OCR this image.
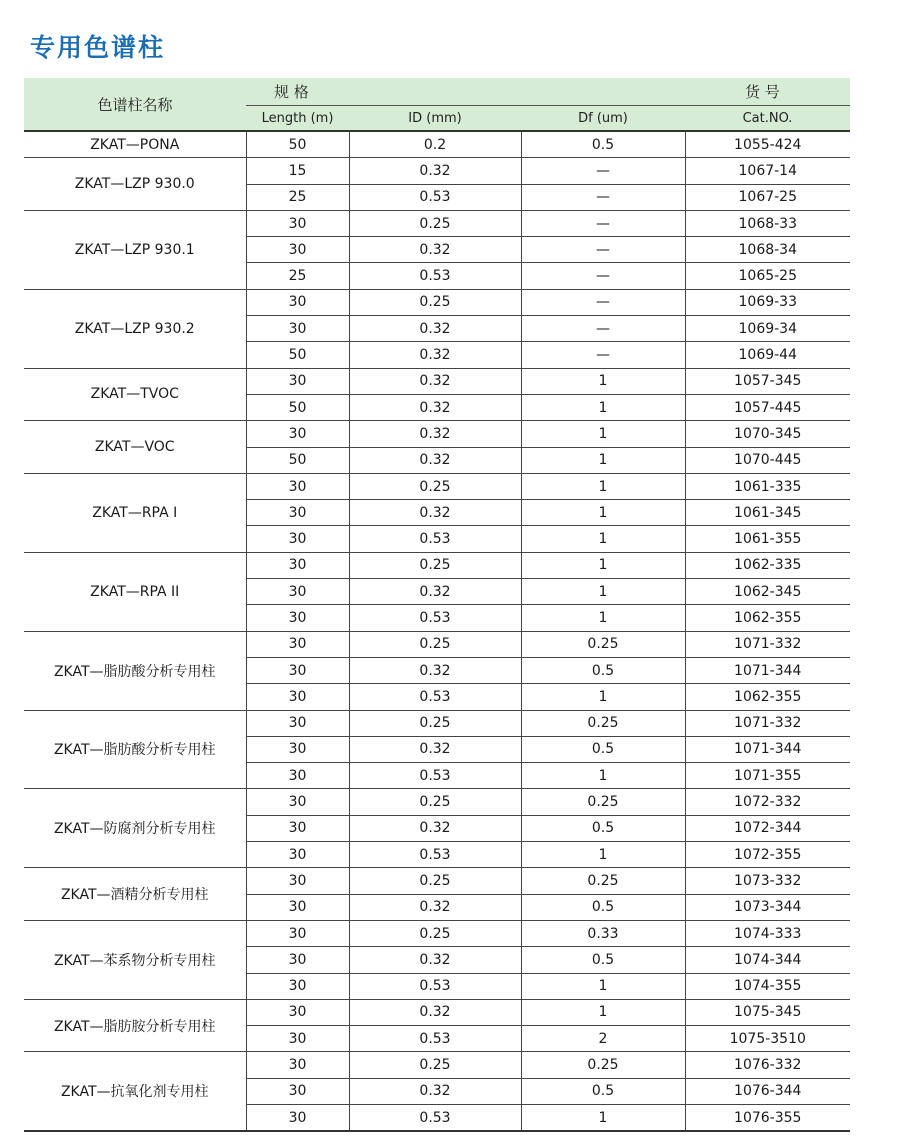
专用色谱柱
色谱柱名称	规 格			货 号
	Length (m)	ID (mm)	Df (um)	Cat.NO.
ZKAT—PONA	50	0.2	0.5	1055-424
ZKAT—LZP 930.0	15	0.32	—	1067-14
	25	0.53	—	1067-25
ZKAT—LZP 930.1	30	0.25	—	1068-33
	30	0.32	—	1068-34
	25	0.53	—	1065-25
ZKAT—LZP 930.2	30	0.25	—	1069-33
	30	0.32	—	1069-34
	50	0.32	—	1069-44
ZKAT—TVOC	30	0.32	1	1057-345
	50	0.32	1	1057-445
ZKAT—VOC	30	0.32	1	1070-345
	50	0.32	1	1070-445
ZKAT—RPA I	30	0.25	1	1061-335
	30	0.32	1	1061-345
	30	0.53	1	1061-355
ZKAT—RPA II	30	0.25	1	1062-335
	30	0.32	1	1062-345
	30	0.53	1	1062-355
ZKAT—脂肪酸分析专用柱	30	0.25	0.25	1071-332
	30	0.32	0.5	1071-344
	30	0.53	1	1062-355
ZKAT—脂肪酸分析专用柱	30	0.25	0.25	1071-332
	30	0.32	0.5	1071-344
	30	0.53	1	1071-355
ZKAT—防腐剂分析专用柱	30	0.25	0.25	1072-332
	30	0.32	0.5	1072-344
	30	0.53	1	1072-355
ZKAT—酒精分析专用柱	30	0.25	0.25	1073-332
	30	0.32	0.5	1073-344
ZKAT—苯系物分析专用柱	30	0.25	0.33	1074-333
	30	0.32	0.5	1074-344
	30	0.53	1	1074-355
ZKAT—脂肪胺分析专用柱	30	0.32	1	1075-345
	30	0.53	2	1075-3510
ZKAT—抗氧化剂专用柱	30	0.25	0.25	1076-332
	30	0.32	0.5	1076-344
	30	0.53	1	1076-355
